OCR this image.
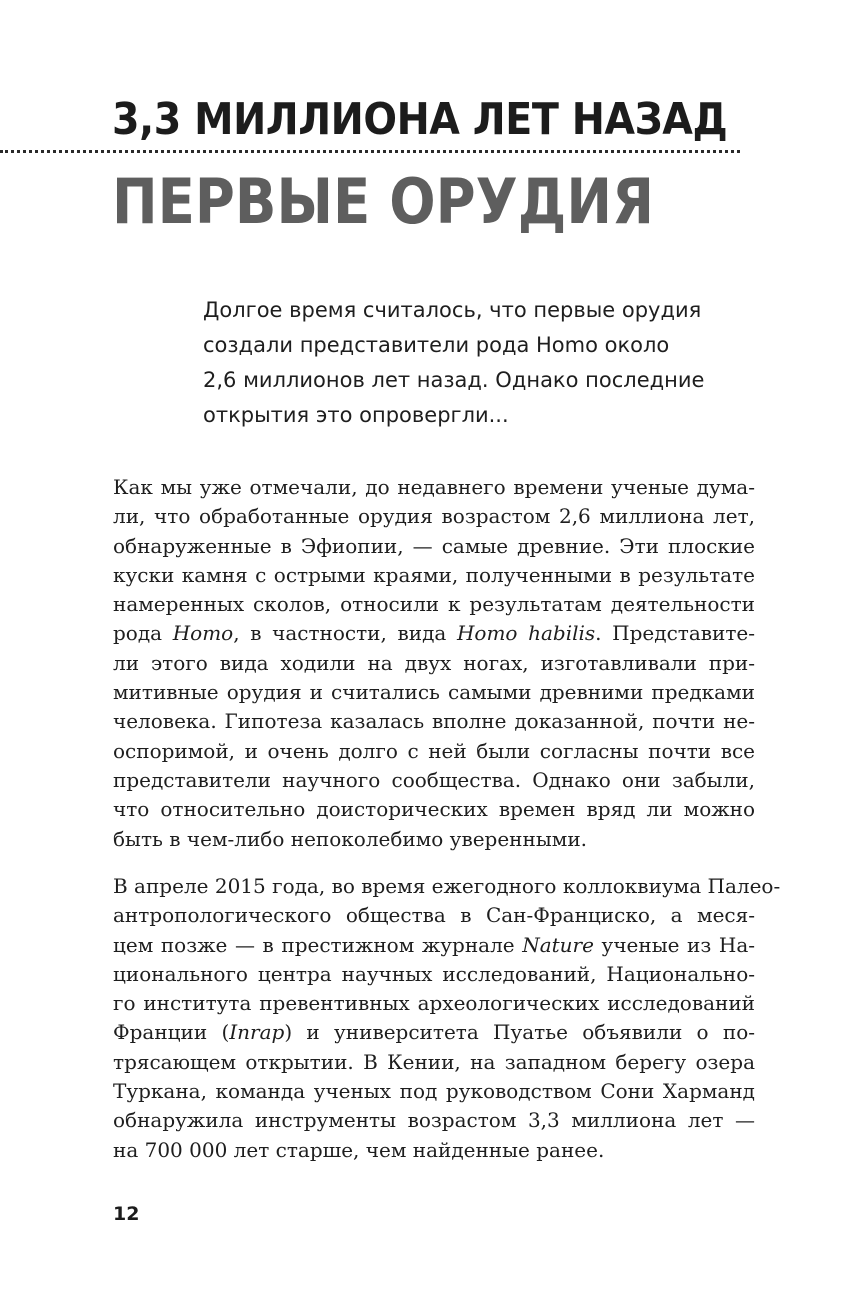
3,3 МИЛЛИОНА ЛЕТ НАЗАД
ПЕРВЫЕ ОРУДИЯ

Долгое время считалось, что первые орудия
создали представители рода Homo около
2,6 миллионов лет назад. Однако последние
открытия это опровергли...

Как мы уже отмечали, до недавнего времени ученые дума-
ли, что обработанные орудия возрастом 2,6 миллиона лет,
обнаруженные в Эфиопии, — самые древние. Эти плоские
куски камня с острыми краями, полученными в результате
намеренных сколов, относили к результатам деятельности
рода Homo, в частности, вида Homo habilis. Представите-
ли этого вида ходили на двух ногах, изготавливали при-
митивные орудия и считались самыми древними предками
человека. Гипотеза казалась вполне доказанной, почти не-
оспоримой, и очень долго с ней были согласны почти все
представители научного сообщества. Однако они забыли,
что относительно доисторических времен вряд ли можно
быть в чем-либо непоколебимо уверенными.

В апреле 2015 года, во время ежегодного коллоквиума Палео-
антропологического общества в Сан-Франциско, а меся-
цем позже — в престижном журнале Nature ученые из На-
ционального центра научных исследований, Национально-
го института превентивных археологических исследований
Франции (Inrap) и университета Пуатье объявили о по-
трясающем открытии. В Кении, на западном берегу озера
Туркана, команда ученых под руководством Сони Харманд
обнаружила инструменты возрастом 3,3 миллиона лет —
на 700 000 лет старше, чем найденные ранее.

12
